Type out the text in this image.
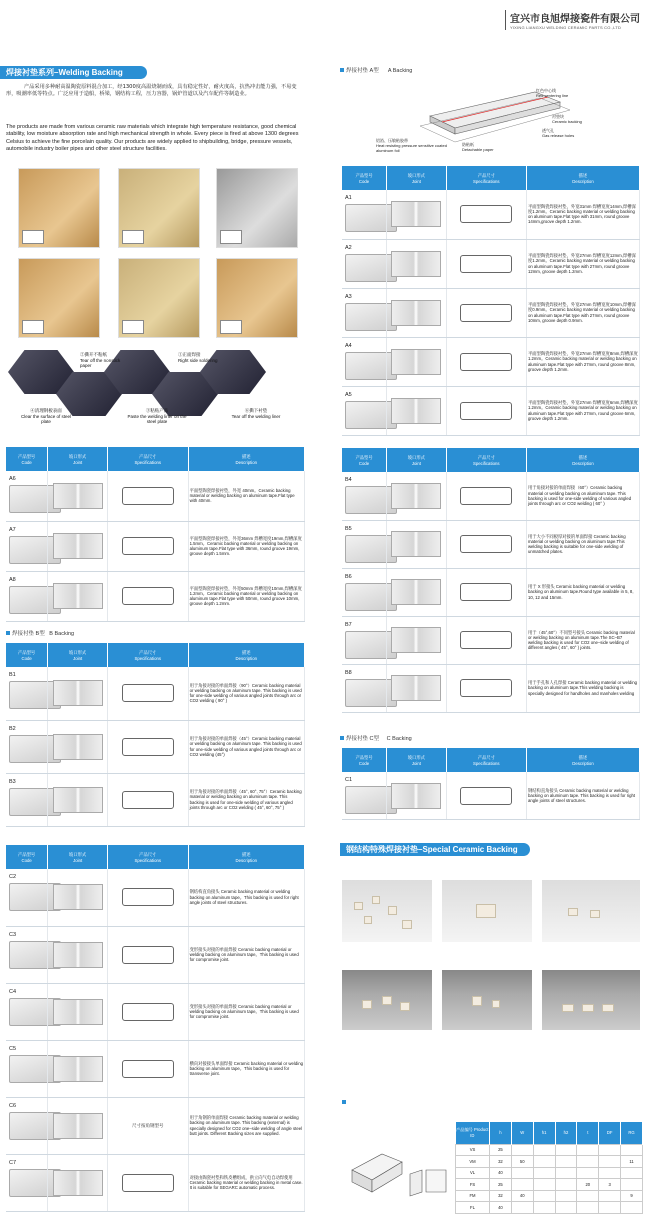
宜兴市良旭焊接瓷件有限公司
YIXING LIANGXU WELDING CERAMIC PARTS CO.,LTD
焊接衬垫系列–Welding Backing
产品采用多种耐高温陶瓷原料混合加工，经1300度高温烧制而成，具有稳定性好，耐火度高，抗热冲击能力强，不易变形，吸潮率低等特点。广泛应用于造船，桥梁，钢结构工程，压力容器，锅炉管道以及汽车配件等制造业。
The products are made from various ceramic raw materials which integrate high temperature resistance, good chemical stability, low moisture absorption rate and high mechanical strength in whole. Every piece is fired at above 1300 degrees Celsius to achieve the fine porcelain quality. Our products are widely applied to shipbuilding, bridge, pressure vessels, automobile industry boiler pipes and other steel structure facilities.
②撕开不粘纸
Tear off the nonstick paper
①正面焊接
Right side soldering
④清理钢板表面
Clear the surface of steel plate
③粘贴产品
Paste the welding liner on the steel plate
⑥撕下衬垫
Tear off the welding liner
产品型号
Code	坡口形式
Joint	产品尺寸
Specifications	描述
Description
A6			平面型陶瓷焊接衬垫，外宽 40mm。Ceramic backing material or welding backing on aluminum tape.Flat type with 40mm.
A7			平面型陶瓷焊接衬垫，外宽36mm 焊槽宽度19mm,焊槽深度1.5mm。Ceramic backing material or welding backing on aluminum tape.Flat type with 36mm, round groove 19mm, groove depth 1.5mm.
A8			平面型陶瓷焊接衬垫，外宽50mm 焊槽宽度10mm,焊槽深度1.2mm。Ceramic backing material or welding backing on aluminum tape.Flat type with 50mm, round groove 10mm, groove depth 1.2mm.
焊接衬垫 B型 B Backing
产品型号
Code	坡口形式
Joint	产品尺寸
Specifications	描述
Description
B1			用于角接对接的单面焊接（90°）Ceramic backing material or welding backing on aluminum tape. This backing is used for one-side welding of various angled joints through arc or CO2 welding ( 90° )
B2			用于角接对接的单面焊接（45°）Ceramic backing material or welding backing on aluminum tape. This backing is used for one-side welding of various angled joints through arc or CO2 welding (45°)
B3			用于角接对接的单面焊接（45°, 60°, 75°）Ceramic backing material or welding backing on aluminum tape. This backing is used for one-side welding of various angled joints through arc or CO2 welding ( 45°, 60°, 75° )
产品型号
Code	坡口形式
Joint	产品尺寸
Specifications	描述
Description
C2			钢结构直角接头 Ceramic backing material or welding backing on aluminum tape。This backing is used for right angle joints of steel structures.
C3			变形接头对接的单面焊接 Ceramic backing material or welding backing on aluminum tape。This backing is used for compromise joint.
C4			变形接头对接的单面焊接 Ceramic backing material or welding backing on aluminum tape。This backing is used for compromise joint.
C5			横向对接接头单面焊接 Ceramic backing material or welding backing on aluminum tape。This backing is used for transverse joint.
C6		尺寸按角钢型号	用于角钢的单面焊接 Ceramic backing material or welding backing on aluminum tape. This backing (external) is specially designed for CO2 one–side welding of angle steel butt joints. Different Backing sizes are supplied.
C7			对接由陶瓷衬垫和铁皮槽组成，供立向气电自动焊使用 Ceramic backing material or welding backing in metal case. It is suitable for SEGARC automatic process.
焊接衬垫 A型 A Backing
红色中心线
Red centering line
衬垫块
Ceramic backing
透气孔
Gas release holes
铝箔、压敏粘胶带
Heat resisting pressure sensitive coated aluminum foil
防粘纸
Detachable paper
产品型号
Code	坡口形式
Joint	产品尺寸
Specifications	描述
Description
A1			平面型陶瓷焊接衬垫，外宽31mm 焊槽宽度14mm,焊槽深度1.2mm。Ceramic backing material or welding backing on aluminum tape.Flat type with 31mm, round groove 14mm,groove depth 1.2mm.
A2			平面型陶瓷焊接衬垫，外宽27mm 焊槽宽度12mm,焊槽深度1.2mm。Ceramic backing material or welding backing on aluminum tape.Flat type with 27mm, round groove 12mm, groove depth 1.2mm.
A3			平面型陶瓷焊接衬垫，外宽27mm 焊槽宽度10mm,焊槽深度0.9mm。Ceramic backing material or welding backing on aluminum tape.Flat type with 27mm, round groove 10mm, groove depth 0.9mm.
A4			平面型陶瓷焊接衬垫，外宽27mm 焊槽宽度8mm,焊槽深度1.2mm。Ceramic backing material or welding backing on aluminum tape.Flat type with 27mm, round groove 8mm, groove depth 1.2mm.
A5			平面型陶瓷焊接衬垫，外宽27mm 焊槽宽度6mm,焊槽深度1.2mm。Ceramic backing material or welding backing on aluminum tape.Flat type with 27mm, round groove 6mm, groove depth 1.2mm.
产品型号
Code	坡口形式
Joint	产品尺寸
Specifications	描述
Description
B4			用于角接对接的单面焊接（60°）Ceramic backing material or welding backing on aluminum tape. This backing is used for one-side welding of various angled joints through arc or CO2 welding ( 60° )
B5			用于大小不同板厚对接的单面焊接 Ceramic backing material or welding backing on aluminum tape.This welding backing is suitable for one-side welding of unmatched plates.
B6			用于 X 形接头 Ceramic backing material or welding backing on aluminum tape.Round type available in 5, 8, 10, 12 and 15mm.
B7			用于（45°,60°）不同型号接头 Ceramic backing material or welding backing on aluminum tape.The SC–B7 welding backing is used for CO2 one–side welding of different angles ( 45°, 60° ) joints.
B8			用于手孔和人孔焊接 Ceramic backing material or welding backing on aluminum tape.This welding backing is specially designed for handholes and manholes welding
焊接衬垫 C型 C Backing
产品型号
Code	坡口形式
Joint	产品尺寸
Specifications	描述
Description
C1			钢结构直角接头 Ceramic backing material or welding backing on aluminum tape. This backing is used for right angle joints of steel structures.
钢结构特殊焊接衬垫–Special Ceramic Backing
产品编号 Product ID	h	W	h1	h2	t	DF	RG
VS	25						
VM	32	50					11
VL	40						
FS	25				20	3	
FM	32	40					9
FL	40						
